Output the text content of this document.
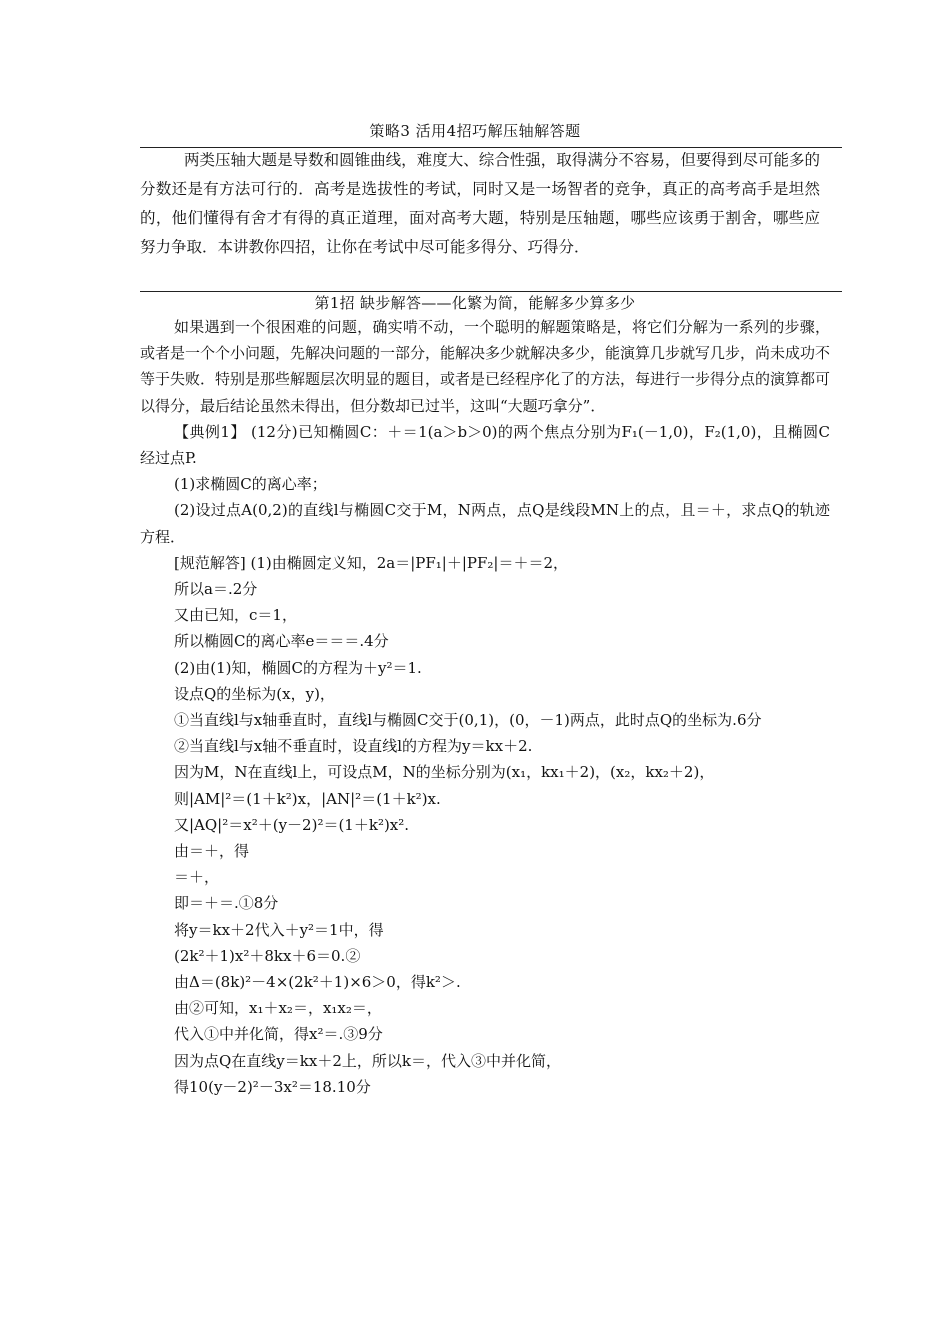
策略3 活用4招巧解压轴解答题

两类压轴大题是导数和圆锥曲线，难度大、综合性强，取得满分不容易，但要得到尽可能多的分数还是有方法可行的．高考是选拔性的考试，同时又是一场智者的竞争，真正的高考高手是坦然的，他们懂得有舍才有得的真正道理，面对高考大题，特别是压轴题，哪些应该勇于割舍，哪些应努力争取．本讲教你四招，让你在考试中尽可能多得分、巧得分．

第1招 缺步解答——化繁为简，能解多少算多少

如果遇到一个很困难的问题，确实啃不动，一个聪明的解题策略是，将它们分解为一系列的步骤，或者是一个个小问题，先解决问题的一部分，能解决多少就解决多少，能演算几步就写几步，尚未成功不等于失败．特别是那些解题层次明显的题目，或者是已经程序化了的方法，每进行一步得分点的演算都可以得分，最后结论虽然未得出，但分数却已过半，这叫“大题巧拿分”．

【典例1】 (12分)已知椭圆C：＋＝1(a＞b＞0)的两个焦点分别为F₁(－1,0)，F₂(1,0)，且椭圆C经过点P.

(1)求椭圆C的离心率；

(2)设过点A(0,2)的直线l与椭圆C交于M，N两点，点Q是线段MN上的点，且＝＋，求点Q的轨迹方程．

[规范解答] (1)由椭圆定义知，2a＝|PF₁|＋|PF₂|＝＋＝2，

所以a＝.2分

又由已知，c＝1，

所以椭圆C的离心率e＝＝＝.4分

(2)由(1)知，椭圆C的方程为＋y²＝1.

设点Q的坐标为(x，y)，

①当直线l与x轴垂直时，直线l与椭圆C交于(0,1)，(0，－1)两点，此时点Q的坐标为.6分

②当直线l与x轴不垂直时，设直线l的方程为y＝kx＋2.

因为M，N在直线l上，可设点M，N的坐标分别为(x₁，kx₁＋2)，(x₂，kx₂＋2)，

则|AM|²＝(1＋k²)x，|AN|²＝(1＋k²)x.

又|AQ|²＝x²＋(y－2)²＝(1＋k²)x².

由＝＋，得

＝＋，

即＝＋＝.①8分

将y＝kx＋2代入＋y²＝1中，得

(2k²＋1)x²＋8kx＋6＝0.②

由Δ＝(8k)²－4×(2k²＋1)×6＞0，得k²＞.

由②可知，x₁＋x₂＝，x₁x₂＝，

代入①中并化简，得x²＝.③9分

因为点Q在直线y＝kx＋2上，所以k＝，代入③中并化简，

得10(y－2)²－3x²＝18.10分
